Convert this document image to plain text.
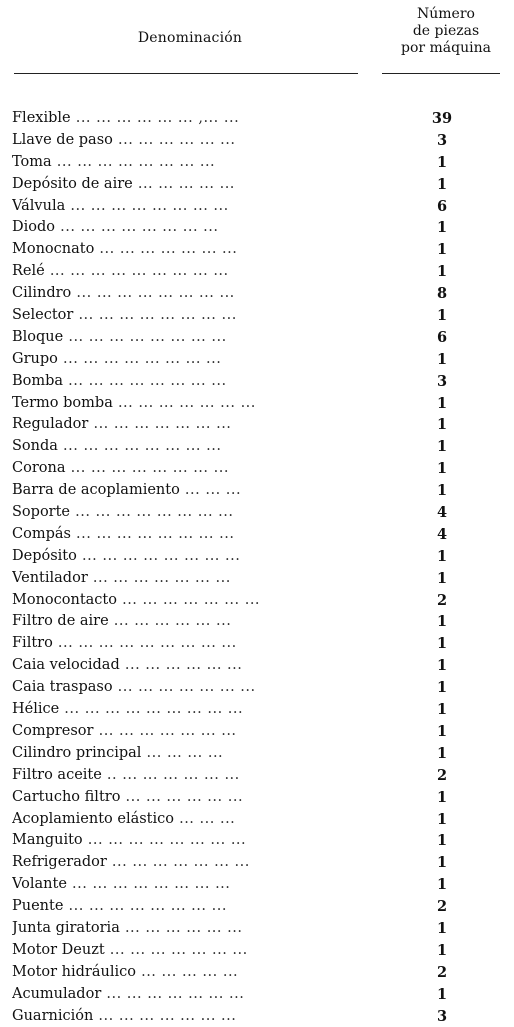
Denominación
Número
de piezas
por máquina
Flexible ... ... ... ... ... ... ,... ...	39
Llave de paso ... ... ... ... ... ...	3
Toma ... ... ... ... ... ... ... ...	1
Depósito de aire ... ... ... ... ...	1
Válvula ... ... ... ... ... ... ... ...	6
Diodo ... ... ... ... ... ... ... ...	1
Monocnato ... ... ... ... ... ... ...	1
Relé ... ... ... ... ... ... ... ... ...	1
Cilindro ... ... ... ... ... ... ... ...	8
Selector ... ... ... ... ... ... ... ...	1
Bloque ... ... ... ... ... ... ... ...	6
Grupo ... ... ... ... ... ... ... ...	1
Bomba ... ... ... ... ... ... ... ...	3
Termo bomba ... ... ... ... ... ... ...	1
Regulador ... ... ... ... ... ... ...	1
Sonda ... ... ... ... ... ... ... ...	1
Corona ... ... ... ... ... ... ... ...	1
Barra de acoplamiento ... ... ...	1
Soporte ... ... ... ... ... ... ... ...	4
Compás ... ... ... ... ... ... ... ...	4
Depósito ... ... ... ... ... ... ... ...	1
Ventilador ... ... ... ... ... ... ...	1
Monocontacto ... ... ... ... ... ... ...	2
Filtro de aire ... ... ... ... ... ...	1
Filtro ... ... ... ... ... ... ... ... ...	1
Caia velocidad ... ... ... ... ... ...	1
Caia traspaso ... ... ... ... ... ... ...	1
Hélice ... ... ... ... ... ... ... ... ...	1
Compresor ... ... ... ... ... ... ...	1
Cilindro principal ... ... ... ...	1
Filtro aceite .. ... ... ... ... ... ...	2
Cartucho filtro ... ... ... ... ... ...	1
Acoplamiento elástico ... ... ...	1
Manguito ... ... ... ... ... ... ... ...	1
Refrigerador ... ... ... ... ... ... ...	1
Volante ... ... ... ... ... ... ... ...	1
Puente ... ... ... ... ... ... ... ...	2
Junta giratoria ... ... ... ... ... ...	1
Motor Deuzt ... ... ... ... ... ... ...	1
Motor hidráulico ... ... ... ... ...	2
Acumulador ... ... ... ... ... ... ...	1
Guarnición ... ... ... ... ... ... ...	3
